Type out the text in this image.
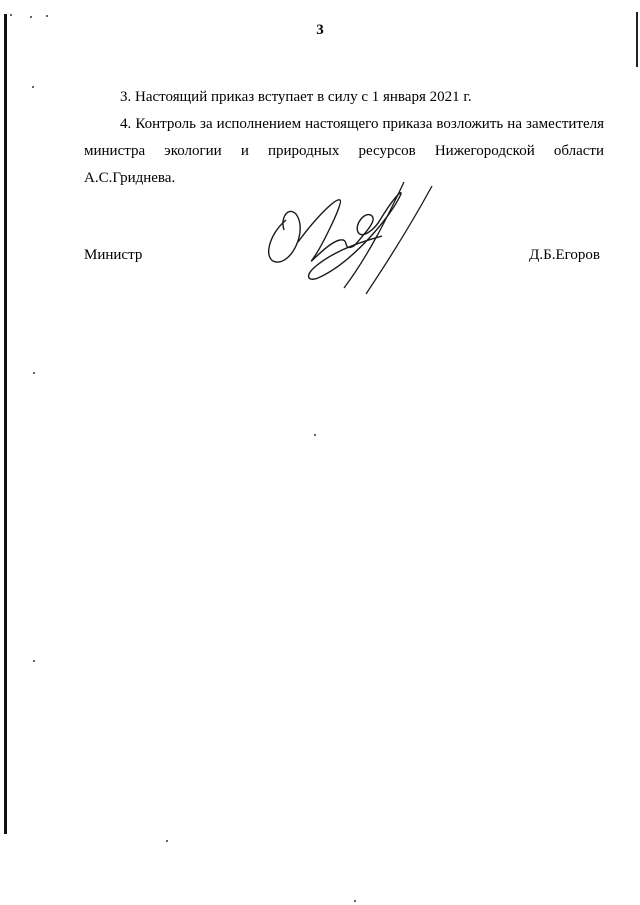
3
3. Настоящий приказ вступает в силу с 1 января 2021 г.
4. Контроль за исполнением настоящего приказа возложить на заместителя министра экологии и природных ресурсов Нижегородской области А.С.Гриднева.
Министр	Д.Б.Егоров
